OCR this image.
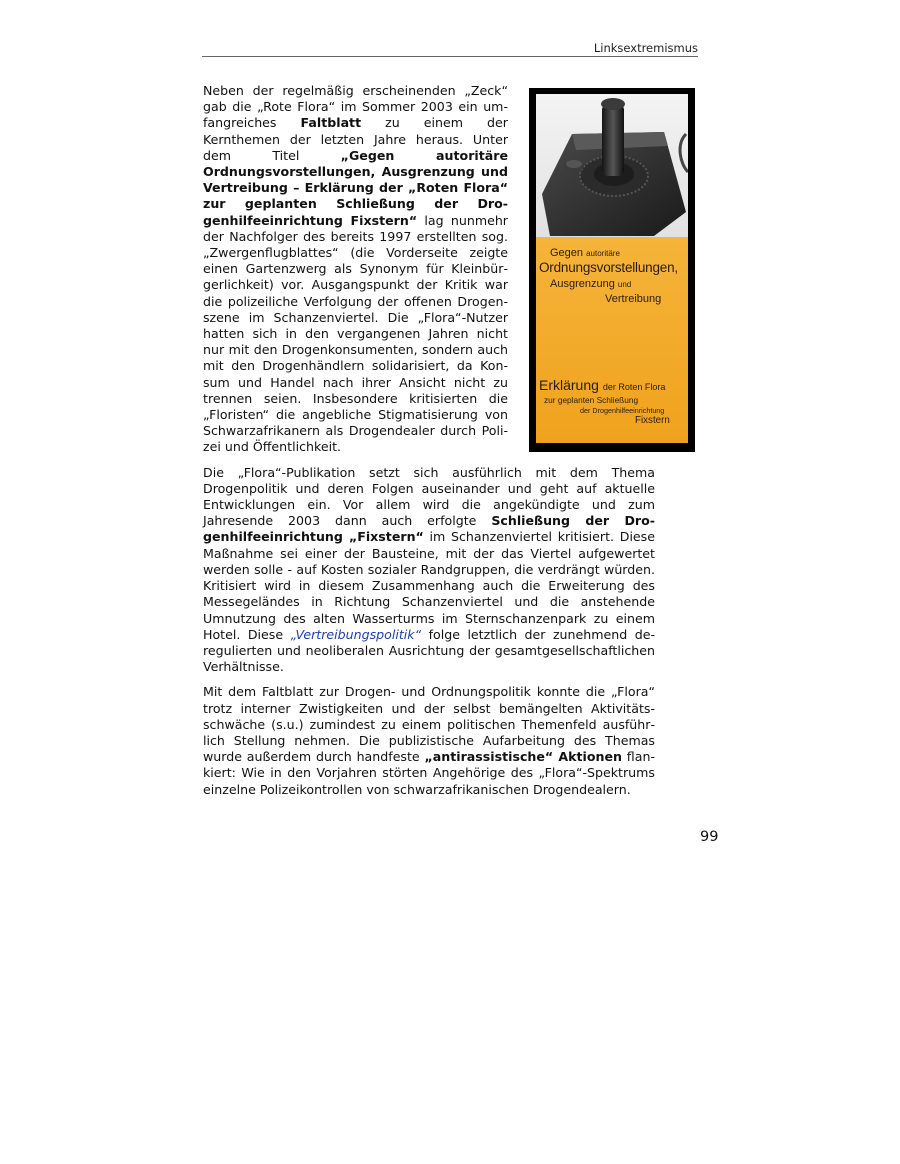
Linksextremismus

Neben der regelmäßig erscheinenden „Zeck“ gab die „Rote Flora“ im Sommer 2003 ein umfangreiches Faltblatt zu einem der Kernthemen der letzten Jahre heraus. Unter dem Titel „Gegen autoritäre Ordnungsvorstellungen, Ausgrenzung und Vertreibung – Erklärung der „Roten Flora“ zur geplanten Schließung der Drogenhilfeeinrichtung Fixstern“ lag nunmehr der Nachfolger des bereits 1997 erstellten sog. „Zwergenflugblattes“ (die Vorderseite zeigte einen Gartenzwerg als Synonym für Kleinbürgerlichkeit) vor. Ausgangspunkt der Kritik war die polizeiliche Verfolgung der offenen Drogenszene im Schanzenviertel. Die „Flora“-Nutzer hatten sich in den vergangenen Jahren nicht nur mit den Drogenkonsumenten, sondern auch mit den Drogenhändlern solidarisiert, da Konsum und Handel nach ihrer Ansicht nicht zu trennen seien. Insbesondere kritisierten die „Floristen“ die angebliche Stigmatisierung von Schwarzafrikanern als Drogendealer durch Polizei und Öffentlichkeit.

Die „Flora“-Publikation setzt sich ausführlich mit dem Thema Drogenpolitik und deren Folgen auseinander und geht auf aktuelle Entwicklungen ein. Vor allem wird die angekündigte und zum Jahresende 2003 dann auch erfolgte Schließung der Drogenhilfeeinrichtung „Fixstern“ im Schanzenviertel kritisiert. Diese Maßnahme sei einer der Bausteine, mit der das Viertel aufgewertet werden solle - auf Kosten sozialer Randgruppen, die verdrängt würden. Kritisiert wird in diesem Zusammenhang auch die Erweiterung des Messegeländes in Richtung Schanzenviertel und die anstehende Umnutzung des alten Wasserturms im Sternschanzenpark zu einem Hotel. Diese „Vertreibungspolitik“ folge letztlich der zunehmend deregulierten und neoliberalen Ausrichtung der gesamtgesellschaftlichen Verhältnisse.

Mit dem Faltblatt zur Drogen- und Ordnungspolitik konnte die „Flora“ trotz interner Zwistigkeiten und der selbst bemängelten Aktivitätsschwäche (s.u.) zumindest zu einem politischen Themenfeld ausführlich Stellung nehmen. Die publizistische Aufarbeitung des Themas wurde außerdem durch handfeste „antirassistische“ Aktionen flankiert: Wie in den Vorjahren störten Angehörige des „Flora“-Spektrums einzelne Polizeikontrollen von schwarzafrikanischen Drogendealern.

Gegen autoritäre
Ordnungsvorstellungen,
Ausgrenzung und
Vertreibung
Erklärung der Roten Flora
zur geplanten Schließung
der Drogenhilfeeinrichtung
Fixstern
99
